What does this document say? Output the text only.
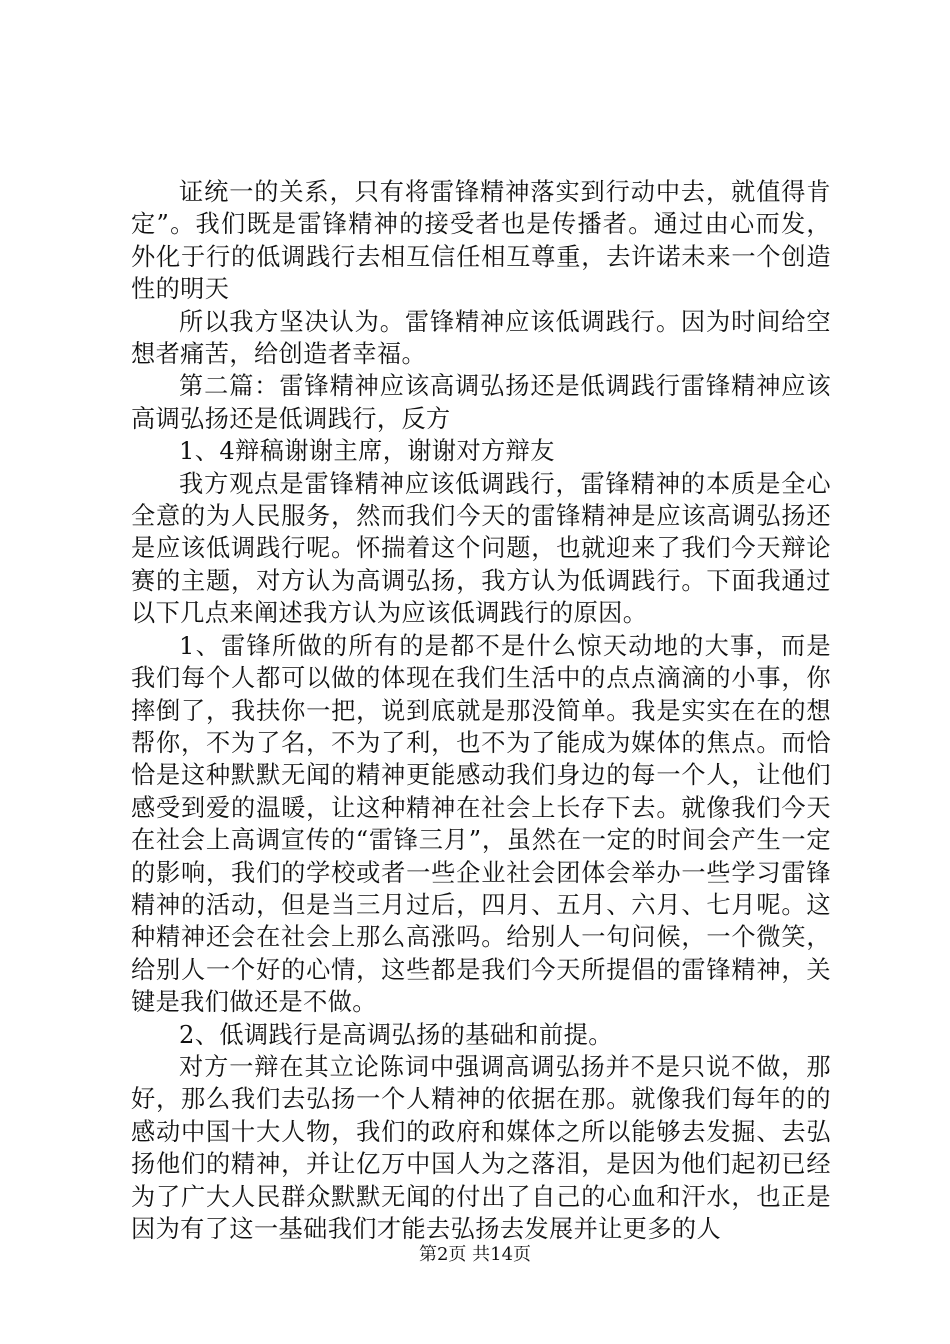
证统一的关系，只有将雷锋精神落实到行动中去，就值得肯定”。我们既是雷锋精神的接受者也是传播者。通过由心而发，外化于行的低调践行去相互信任相互尊重，去许诺未来一个创造性的明天

所以我方坚决认为。雷锋精神应该低调践行。因为时间给空想者痛苦，给创造者幸福。

第二篇：雷锋精神应该高调弘扬还是低调践行雷锋精神应该高调弘扬还是低调践行，反方

1、4辩稿谢谢主席，谢谢对方辩友

我方观点是雷锋精神应该低调践行，雷锋精神的本质是全心全意的为人民服务，然而我们今天的雷锋精神是应该高调弘扬还是应该低调践行呢。怀揣着这个问题，也就迎来了我们今天辩论赛的主题，对方认为高调弘扬，我方认为低调践行。下面我通过以下几点来阐述我方认为应该低调践行的原因。

1、雷锋所做的所有的是都不是什么惊天动地的大事，而是我们每个人都可以做的体现在我们生活中的点点滴滴的小事，你摔倒了，我扶你一把，说到底就是那没简单。我是实实在在的想帮你，不为了名，不为了利，也不为了能成为媒体的焦点。而恰恰是这种默默无闻的精神更能感动我们身边的每一个人，让他们感受到爱的温暖，让这种精神在社会上长存下去。就像我们今天在社会上高调宣传的“雷锋三月”，虽然在一定的时间会产生一定的影响，我们的学校或者一些企业社会团体会举办一些学习雷锋精神的活动，但是当三月过后，四月、五月、六月、七月呢。这种精神还会在社会上那么高涨吗。给别人一句问候，一个微笑，给别人一个好的心情，这些都是我们今天所提倡的雷锋精神，关键是我们做还是不做。

2、低调践行是高调弘扬的基础和前提。

对方一辩在其立论陈词中强调高调弘扬并不是只说不做，那好，那么我们去弘扬一个人精神的依据在那。就像我们每年的的感动中国十大人物，我们的政府和媒体之所以能够去发掘、去弘扬他们的精神，并让亿万中国人为之落泪，是因为他们起初已经为了广大人民群众默默无闻的付出了自己的心血和汗水，也正是因为有了这一基础我们才能去弘扬去发展并让更多的人

第2页 共14页
